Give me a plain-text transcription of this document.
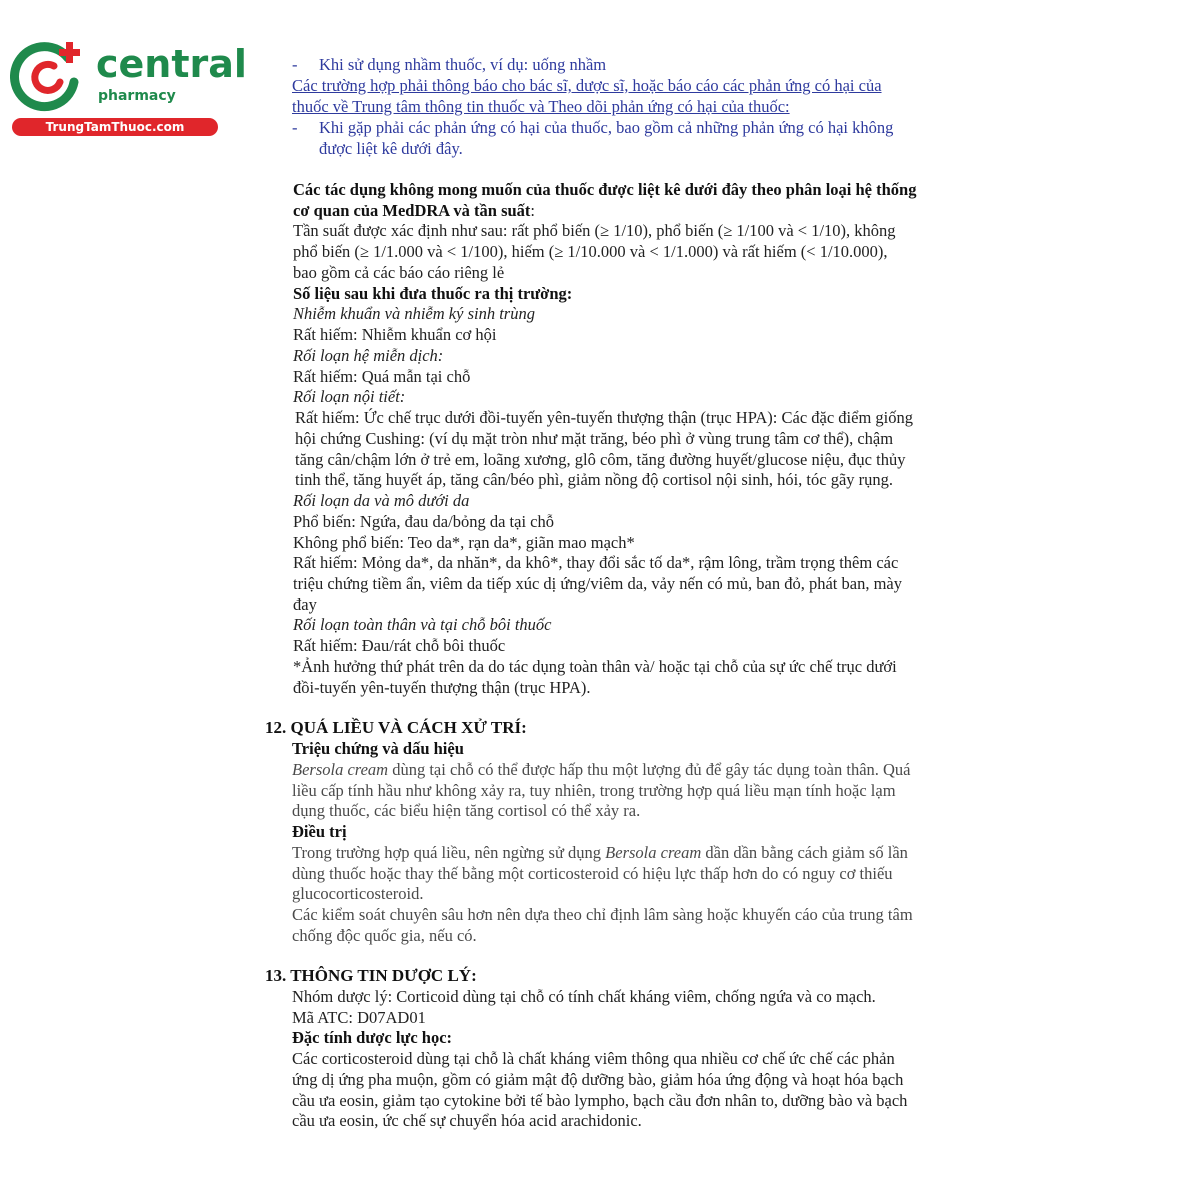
central
pharmacy
TrungTamThuoc.com
- Khi sử dụng nhầm thuốc, ví dụ: uống nhầm
Các trường hợp phải thông báo cho bác sĩ, dược sĩ, hoặc báo cáo các phản ứng có hại của
thuốc về Trung tâm thông tin thuốc và Theo dõi phản ứng có hại của thuốc:
- Khi gặp phải các phản ứng có hại của thuốc, bao gồm cả những phản ứng có hại không
được liệt kê dưới đây.
Các tác dụng không mong muốn của thuốc được liệt kê dưới đây theo phân loại hệ thống
cơ quan của MedDRA và tần suất:
Tần suất được xác định như sau: rất phổ biến (≥ 1/10), phổ biến (≥ 1/100 và < 1/10), không
phổ biến (≥ 1/1.000 và < 1/100), hiếm (≥ 1/10.000 và < 1/1.000) và rất hiếm (< 1/10.000),
bao gồm cả các báo cáo riêng lẻ
Số liệu sau khi đưa thuốc ra thị trường:
Nhiễm khuẩn và nhiễm ký sinh trùng
Rất hiếm: Nhiễm khuẩn cơ hội
Rối loạn hệ miễn dịch:
Rất hiếm: Quá mẫn tại chỗ
Rối loạn nội tiết:
Rất hiếm: Ức chế trục dưới đồi-tuyến yên-tuyến thượng thận (trục HPA): Các đặc điểm giống
hội chứng Cushing: (ví dụ mặt tròn như mặt trăng, béo phì ở vùng trung tâm cơ thể), chậm
tăng cân/chậm lớn ở trẻ em, loãng xương, glô côm, tăng đường huyết/glucose niệu, đục thủy
tinh thể, tăng huyết áp, tăng cân/béo phì, giảm nồng độ cortisol nội sinh, hói, tóc gãy rụng.
Rối loạn da và mô dưới da
Phổ biến: Ngứa, đau da/bỏng da tại chỗ
Không phổ biến: Teo da*, rạn da*, giãn mao mạch*
Rất hiếm: Mỏng da*, da nhăn*, da khô*, thay đổi sắc tố da*, rậm lông, trầm trọng thêm các
triệu chứng tiềm ẩn, viêm da tiếp xúc dị ứng/viêm da, vảy nến có mủ, ban đỏ, phát ban, mày
đay
Rối loạn toàn thân và tại chỗ bôi thuốc
Rất hiếm: Đau/rát chỗ bôi thuốc
*Ảnh hưởng thứ phát trên da do tác dụng toàn thân và/ hoặc tại chỗ của sự ức chế trục dưới
đồi-tuyến yên-tuyến thượng thận (trục HPA).
12. QUÁ LIỀU VÀ CÁCH XỬ TRÍ:
Triệu chứng và dấu hiệu
Bersola cream dùng tại chỗ có thể được hấp thu một lượng đủ để gây tác dụng toàn thân. Quá
liều cấp tính hầu như không xảy ra, tuy nhiên, trong trường hợp quá liều mạn tính hoặc lạm
dụng thuốc, các biểu hiện tăng cortisol có thể xảy ra.
Điều trị
Trong trường hợp quá liều, nên ngừng sử dụng Bersola cream dần dần bằng cách giảm số lần
dùng thuốc hoặc thay thế bằng một corticosteroid có hiệu lực thấp hơn do có nguy cơ thiếu
glucocorticosteroid.
Các kiểm soát chuyên sâu hơn nên dựa theo chỉ định lâm sàng hoặc khuyến cáo của trung tâm
chống độc quốc gia, nếu có.
13. THÔNG TIN DƯỢC LÝ:
Nhóm dược lý: Corticoid dùng tại chỗ có tính chất kháng viêm, chống ngứa và co mạch.
Mã ATC: D07AD01
Đặc tính dược lực học:
Các corticosteroid dùng tại chỗ là chất kháng viêm thông qua nhiều cơ chế ức chế các phản
ứng dị ứng pha muộn, gồm có giảm mật độ dưỡng bào, giảm hóa ứng động và hoạt hóa bạch
cầu ưa eosin, giảm tạo cytokine bởi tế bào lympho, bạch cầu đơn nhân to, dưỡng bào và bạch
cầu ưa eosin, ức chế sự chuyển hóa acid arachidonic.
